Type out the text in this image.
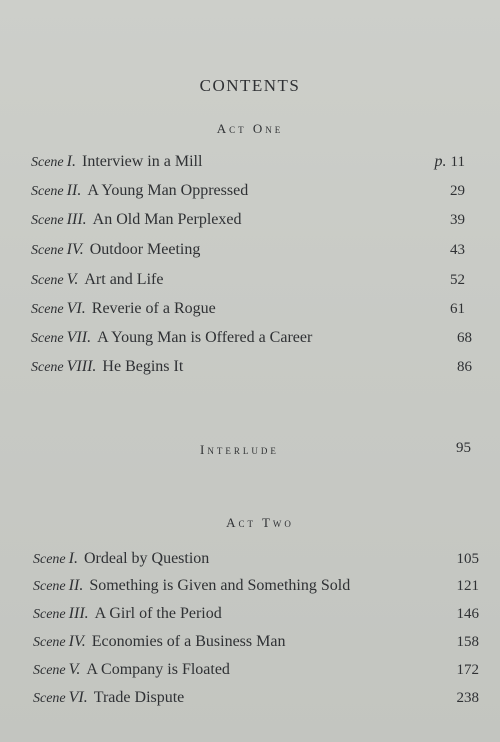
CONTENTS
Act One
Scene I. Interview in a Mill	p. 11
Scene II. A Young Man Oppressed	29
Scene III. An Old Man Perplexed	39
Scene IV. Outdoor Meeting	43
Scene V. Art and Life	52
Scene VI. Reverie of a Rogue	61
Scene VII. A Young Man is Offered a Career	68
Scene VIII. He Begins It	86
Interlude	95
Act Two
Scene I. Ordeal by Question	105
Scene II. Something is Given and Something Sold	121
Scene III. A Girl of the Period	146
Scene IV. Economies of a Business Man	158
Scene V. A Company is Floated	172
Scene VI. Trade Dispute	238
